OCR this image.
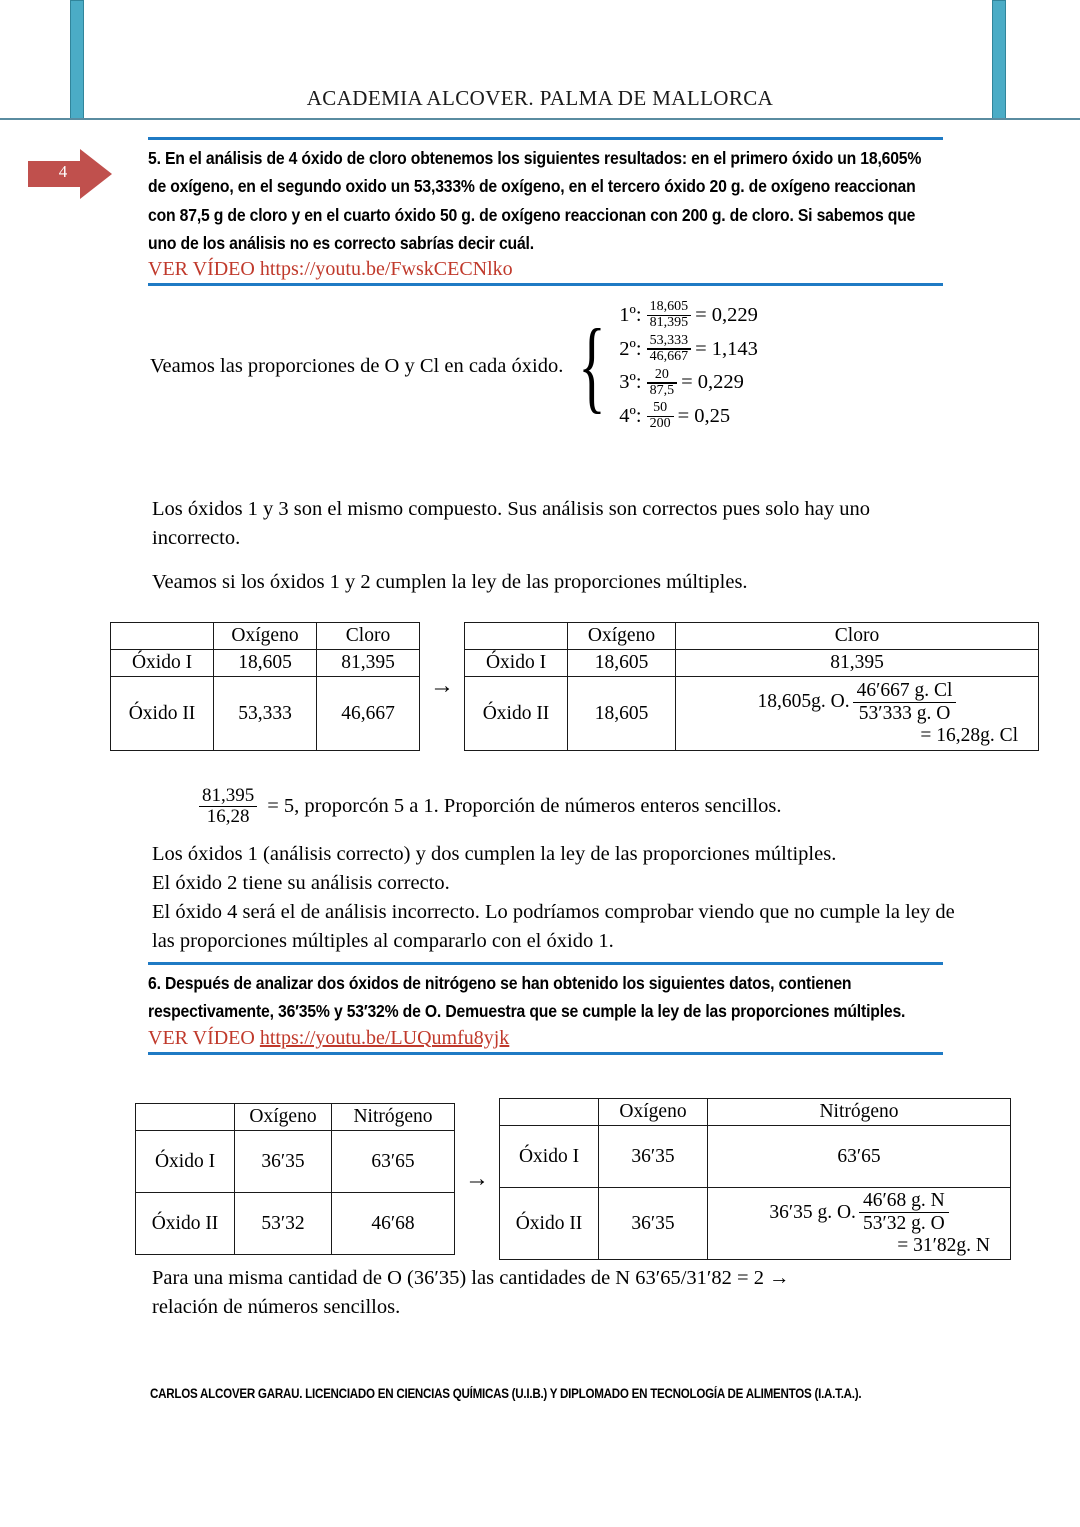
ACADEMIA ALCOVER. PALMA DE MALLORCA
4
5. En el análisis de 4 óxido de cloro obtenemos los siguientes resultados: en el primero óxido un 18,605% de oxígeno, en el segundo oxido un 53,333% de oxígeno, en el tercero óxido 20 g. de oxígeno reaccionan con 87,5 g de cloro y en el cuarto óxido 50 g. de oxígeno reaccionan con 200 g. de cloro. Si sabemos que uno de los análisis no es correcto sabrías decir cuál.
VER VÍDEO https://youtu.be/FwskCECNlko
Veamos las proporciones de O y Cl en cada óxido. { 1º: $\frac{18,605}{81,395} = 0,229$
2º: $\frac{53,333}{46,667} = 1,143$
3º: $\frac{20}{87,5} = 0,229$
4º: $\frac{50}{200} = 0,25$
Los óxidos 1 y 3 son el mismo compuesto. Sus análisis son correctos pues solo hay uno incorrecto.
Veamos si los óxidos 1 y 2 cumplen la ley de las proporciones múltiples.
	Oxígeno	Cloro
Óxido I	18,605	81,395
Óxido II	53,333	46,667
→
	Oxígeno	Cloro
Óxido I	18,605	81,395
Óxido II	18,605	18,605g. O.
46′667 g. Cl
53′333 g. O
= 16,28g. Cl
$\frac{81,395}{16,28} = 5$, proporcón 5 a 1. Proporción de números enteros sencillos.
Los óxidos 1 (análisis correcto) y dos cumplen la ley de las proporciones múltiples.
El óxido 2 tiene su análisis correcto.
El óxido 4 será el de análisis incorrecto. Lo podríamos comprobar viendo que no cumple la ley de las proporciones múltiples al compararlo con el óxido 1.
6. Después de analizar dos óxidos de nitrógeno se han obtenido los siguientes datos, contienen respectivamente, 36′35% y 53′32% de O. Demuestra que se cumple la ley de las proporciones múltiples.
VER VÍDEO https://youtu.be/LUQumfu8yjk
	Oxígeno	Nitrógeno
Óxido I	36′35	63′65
Óxido II	53′32	46′68
→
	Oxígeno	Nitrógeno
Óxido I	36′35	63′65
Óxido II	36′35	36′35 g. O.
46′68 g. N
53′32 g. O
= 31′82g. N
Para una misma cantidad de O (36′35) las cantidades de N 63′65/31′82 = 2 →
relación de números sencillos.
CARLOS ALCOVER GARAU. LICENCIADO EN CIENCIAS QUÍMICAS (U.I.B.) Y DIPLOMADO EN TECNOLOGÍA DE ALIMENTOS (I.A.T.A.).
